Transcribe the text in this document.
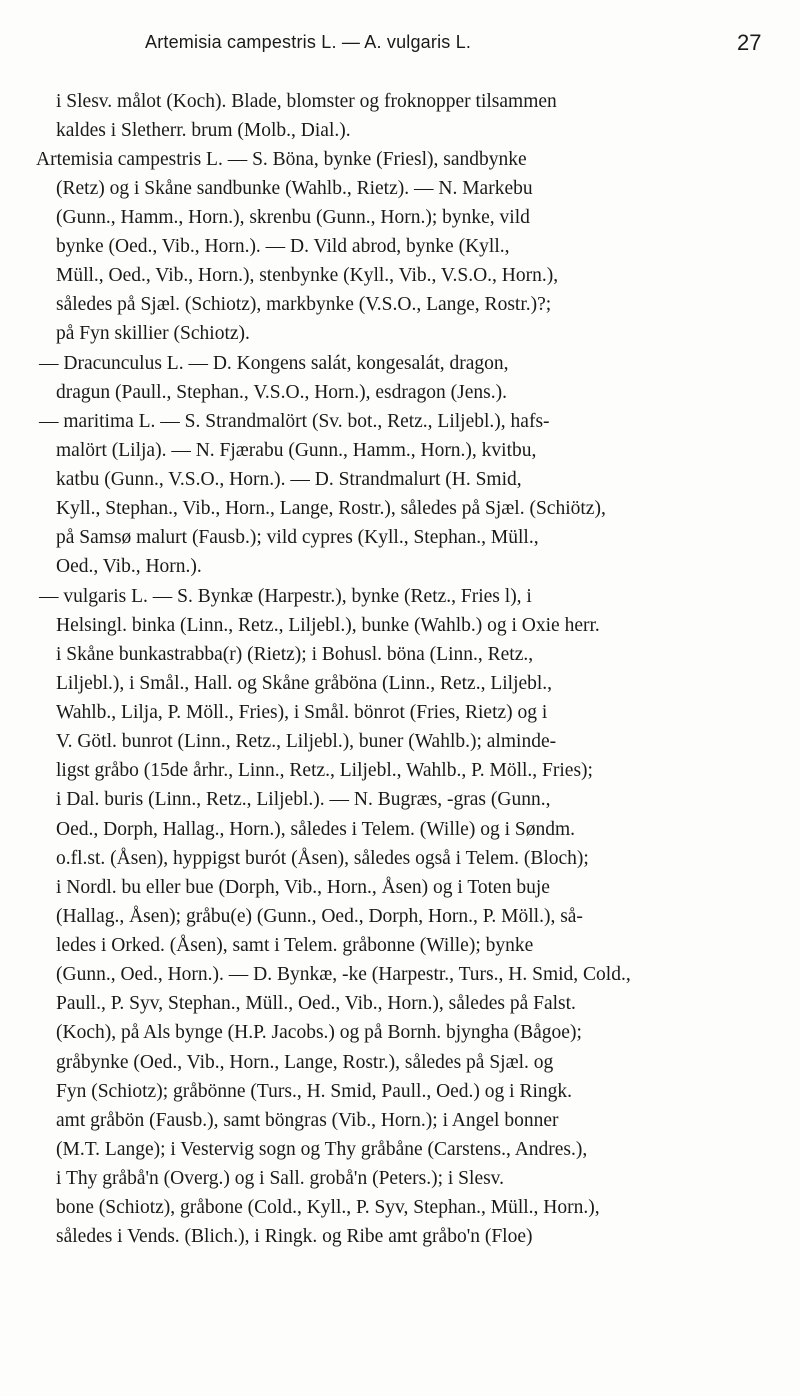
Artemisia campestris L. — A. vulgaris L.	27
i Slesv. målot (Koch). Blade, blomster og froknopper tilsammen
kaldes i Sletherr. brum (Molb., Dial.).
Artemisia campestris L. — S. Böna, bynke (Friesl), sandbynke
(Retz) og i Skåne sandbunke (Wahlb., Rietz). — N. Markebu
(Gunn., Hamm., Horn.), skrenbu (Gunn., Horn.); bynke, vild
bynke (Oed., Vib., Horn.). — D. Vild abrod, bynke (Kyll.,
Müll., Oed., Vib., Horn.), stenbynke (Kyll., Vib., V.S.O., Horn.),
således på Sjæl. (Schiotz), markbynke (V.S.O., Lange, Rostr.)?;
på Fyn skillier (Schiotz).
— Dracunculus L. — D. Kongens salát, kongesalát, dragon,
dragun (Paull., Stephan., V.S.O., Horn.), esdragon (Jens.).
— maritima L. — S. Strandmalört (Sv. bot., Retz., Liljebl.), hafs-
malört (Lilja). — N. Fjærabu (Gunn., Hamm., Horn.), kvitbu,
katbu (Gunn., V.S.O., Horn.). — D. Strandmalurt (H. Smid,
Kyll., Stephan., Vib., Horn., Lange, Rostr.), således på Sjæl. (Schiötz),
på Samsø malurt (Fausb.); vild cypres (Kyll., Stephan., Müll.,
Oed., Vib., Horn.).
— vulgaris L. — S. Bynkæ (Harpestr.), bynke (Retz., Fries l), i
Helsingl. binka (Linn., Retz., Liljebl.), bunke (Wahlb.) og i Oxie herr.
i Skåne bunkastrabba(r) (Rietz); i Bohusl. böna (Linn., Retz.,
Liljebl.), i Smål., Hall. og Skåne gråböna (Linn., Retz., Liljebl.,
Wahlb., Lilja, P. Möll., Fries), i Smål. bönrot (Fries, Rietz) og i
V. Götl. bunrot (Linn., Retz., Liljebl.), buner (Wahlb.); alminde-
ligst gråbo (15de århr., Linn., Retz., Liljebl., Wahlb., P. Möll., Fries);
i Dal. buris (Linn., Retz., Liljebl.). — N. Bugræs, -gras (Gunn.,
Oed., Dorph, Hallag., Horn.), således i Telem. (Wille) og i Søndm.
o.fl.st. (Åsen), hyppigst burót (Åsen), således også i Telem. (Bloch);
i Nordl. bu eller bue (Dorph, Vib., Horn., Åsen) og i Toten buje
(Hallag., Åsen); gråbu(e) (Gunn., Oed., Dorph, Horn., P. Möll.), så-
ledes i Orked. (Åsen), samt i Telem. gråbonne (Wille); bynke
(Gunn., Oed., Horn.). — D. Bynkæ, -ke (Harpestr., Turs., H. Smid, Cold.,
Paull., P. Syv, Stephan., Müll., Oed., Vib., Horn.), således på Falst.
(Koch), på Als bynge (H.P. Jacobs.) og på Bornh. bjyngha (Bågoe);
gråbynke (Oed., Vib., Horn., Lange, Rostr.), således på Sjæl. og
Fyn (Schiotz); gråbönne (Turs., H. Smid, Paull., Oed.) og i Ringk.
amt gråbön (Fausb.), samt böngras (Vib., Horn.); i Angel bonner
(M.T. Lange); i Vestervig sogn og Thy gråbåne (Carstens., Andres.),
i Thy gråbå'n (Overg.) og i Sall. grobå'n (Peters.); i Slesv.
bone (Schiotz), gråbone (Cold., Kyll., P. Syv, Stephan., Müll., Horn.),
således i Vends. (Blich.), i Ringk. og Ribe amt gråbo'n (Floe)
